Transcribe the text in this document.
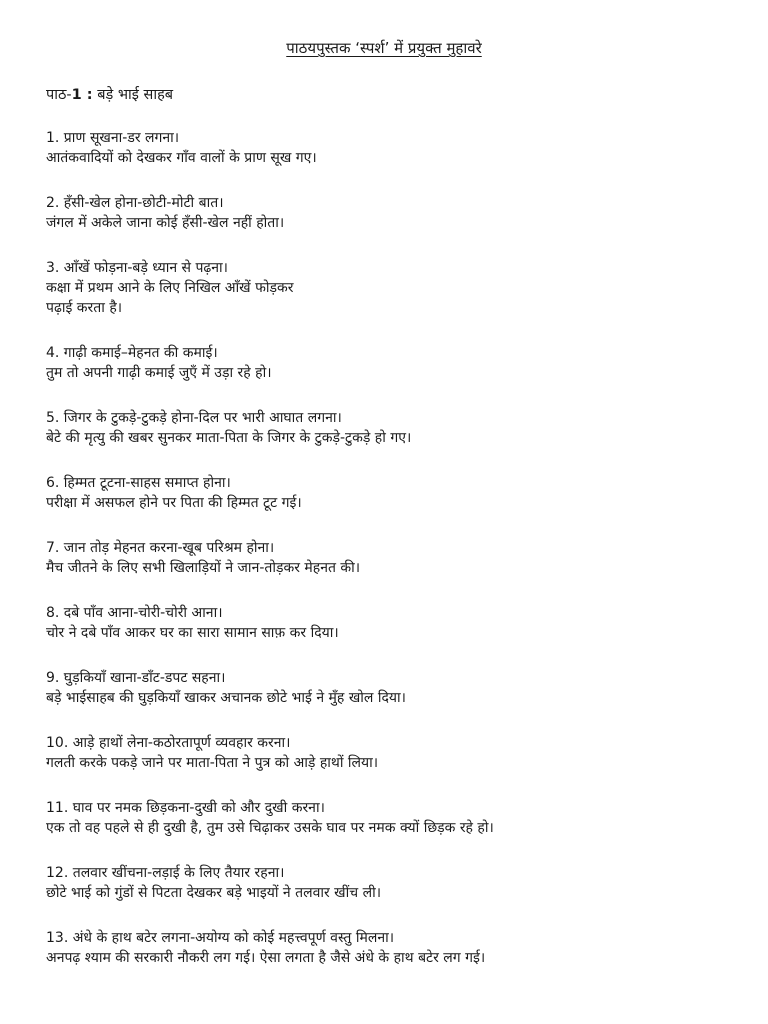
पाठयपुस्तक ‘स्पर्श’ में प्रयुक्त मुहावरे
पाठ-1 : बड़े भाई साहब
1. प्राण सूखना-डर लगना।
आतंकवादियों को देखकर गाँव वालों के प्राण सूख गए।
2. हँसी-खेल होना-छोटी-मोटी बात।
जंगल में अकेले जाना कोई हँसी-खेल नहीं होता।
3. आँखें फोड़ना-बड़े ध्यान से पढ़ना।
कक्षा में प्रथम आने के लिए निखिल आँखें फोड़कर
पढ़ाई करता है।
4. गाढ़ी कमाई–मेहनत की कमाई।
तुम तो अपनी गाढ़ी कमाई जुएँ में उड़ा रहे हो।
5. जिगर के टुकड़े-टुकड़े होना-दिल पर भारी आघात लगना।
बेटे की मृत्यु की खबर सुनकर माता-पिता के जिगर के टुकड़े-टुकड़े हो गए।
6. हिम्मत टूटना-साहस समाप्त होना।
परीक्षा में असफल होने पर पिता की हिम्मत टूट गई।
7. जान तोड़ मेहनत करना-खूब परिश्रम होना।
मैच जीतने के लिए सभी खिलाड़ियों ने जान-तोड़कर मेहनत की।
8. दबे पाँव आना-चोरी-चोरी आना।
चोर ने दबे पाँव आकर घर का सारा सामान साफ़ कर दिया।
9. घुड़कियाँ खाना-डाँट-डपट सहना।
बड़े भाईसाहब की घुड़कियाँ खाकर अचानक छोटे भाई ने मुँह खोल दिया।
10. आड़े हाथों लेना-कठोरतापूर्ण व्यवहार करना।
गलती करके पकड़े जाने पर माता-पिता ने पुत्र को आड़े हाथों लिया।
11. घाव पर नमक छिड़कना-दुखी को और दुखी करना।
एक तो वह पहले से ही दुखी है, तुम उसे चिढ़ाकर उसके घाव पर नमक क्यों छिड़क रहे हो।
12. तलवार खींचना-लड़ाई के लिए तैयार रहना।
छोटे भाई को गुंडों से पिटता देखकर बड़े भाइयों ने तलवार खींच ली।
13. अंधे के हाथ बटेर लगना-अयोग्य को कोई महत्त्वपूर्ण वस्तु मिलना।
अनपढ़ श्याम की सरकारी नौकरी लग गई। ऐसा लगता है जैसे अंधे के हाथ बटेर लग गई।
